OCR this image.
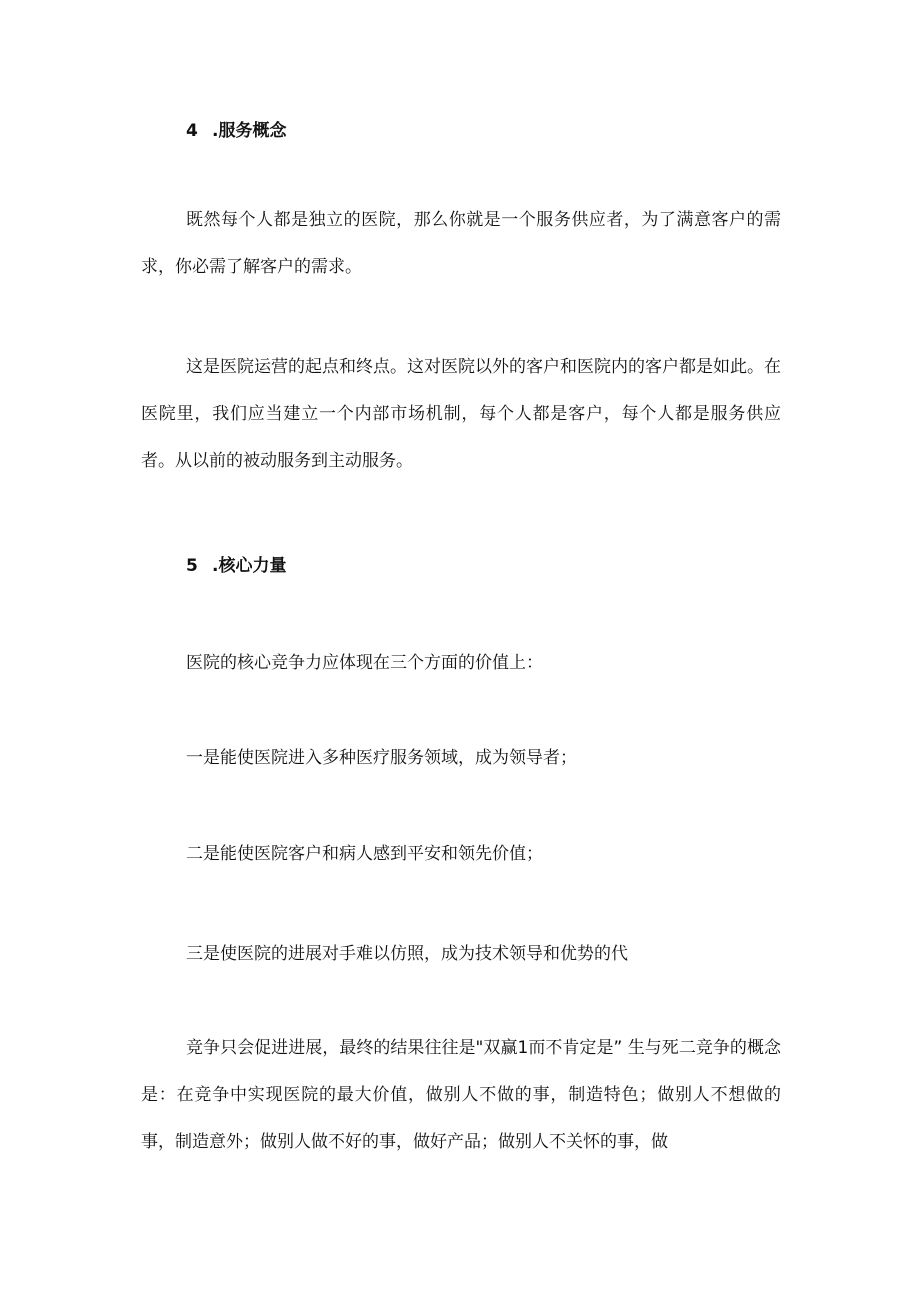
4 .服务概念

既然每个人都是独立的医院，那么你就是一个服务供应者，为了满意客户的需求，你必需了解客户的需求。

这是医院运营的起点和终点。这对医院以外的客户和医院内的客户都是如此。在医院里，我们应当建立一个内部市场机制，每个人都是客户，每个人都是服务供应者。从以前的被动服务到主动服务。

5 .核心力量

医院的核心竞争力应体现在三个方面的价值上：

一是能使医院进入多种医疗服务领域，成为领导者；

二是能使医院客户和病人感到平安和领先价值；

三是使医院的进展对手难以仿照，成为技术领导和优势的代

竞争只会促进进展，最终的结果往往是"双赢1而不肯定是” 生与死二竞争的概念是：在竞争中实现医院的最大价值，做别人不做的事，制造特色；做别人不想做的事，制造意外；做别人做不好的事，做好产品；做别人不关怀的事，做
